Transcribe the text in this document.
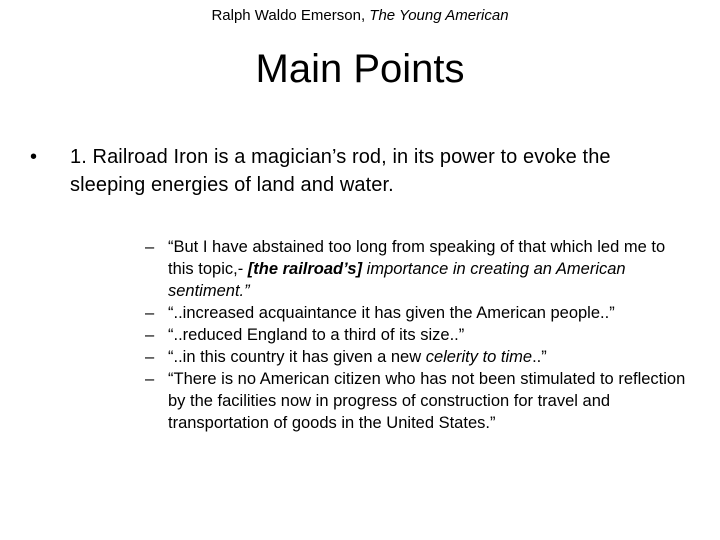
Ralph Waldo Emerson, The Young American
Main Points
•	1. Railroad Iron is a magician’s rod, in its power to evoke the sleeping energies of land and water.
– “But I have abstained too long from speaking of that which led me to this topic,- [the railroad’s] importance in creating an American sentiment.”
– “..increased acquaintance it has given the American people..”
– “..reduced England to a third of its size..”
– “..in this country it has given a new celerity to time..”
– “There is no American citizen who has not been stimulated to reflection by the facilities now in progress of construction for travel and transportation of goods in the United States.”
